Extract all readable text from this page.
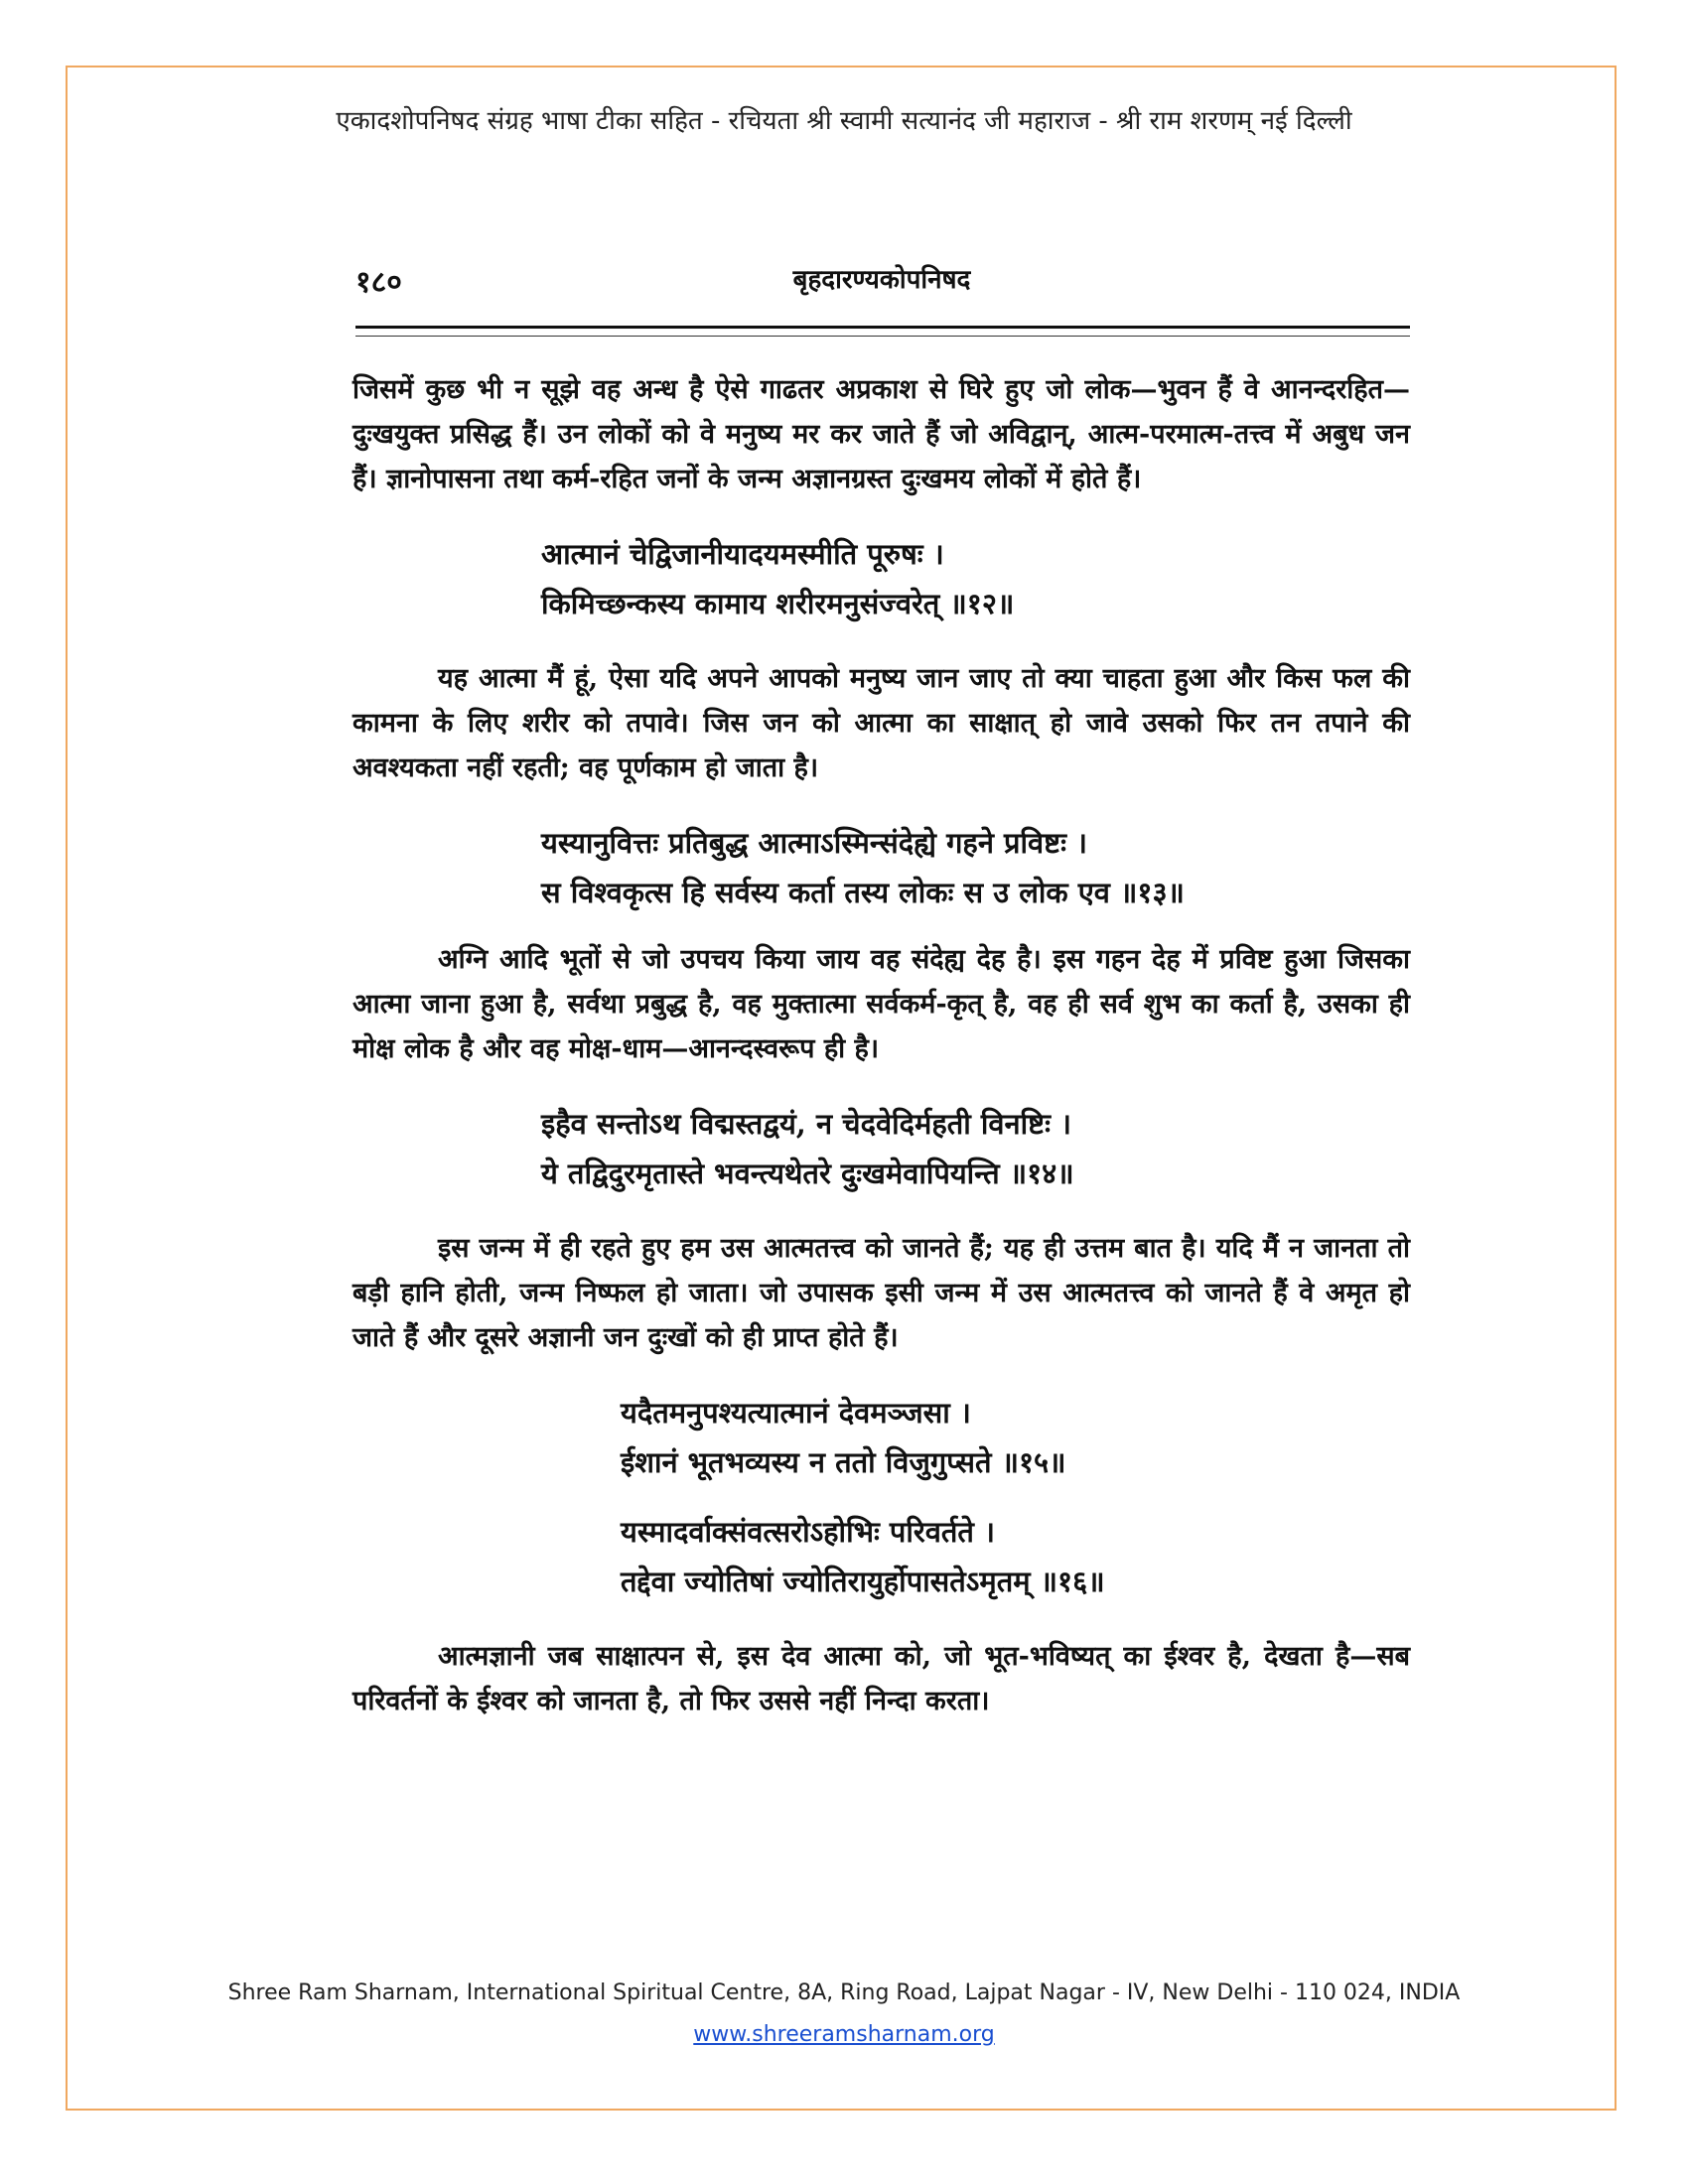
एकादशोपनिषद संग्रह भाषा टीका सहित - रचियता श्री स्वामी सत्यानंद जी महाराज - श्री राम शरणम् नई दिल्ली
१८०	बृहदारण्यकोपनिषद

जिसमें कुछ भी न सूझे वह अन्ध है ऐसे गाढतर अप्रकाश से घिरे हुए जो लोक—भुवन हैं वे आनन्दरहित—दुःखयुक्त प्रसिद्ध हैं। उन लोकों को वे मनुष्य मर कर जाते हैं जो अविद्वान्, आत्म-परमात्म-तत्त्व में अबुध जन हैं। ज्ञानोपासना तथा कर्म-रहित जनों के जन्म अज्ञानग्रस्त दुःखमय लोकों में होते हैं।

आत्मानं चेद्विजानीयादयमस्मीति पूरुषः ।

किमिच्छन्कस्य कामाय शरीरमनुसंज्वरेत् ॥१२॥

यह आत्मा मैं हूं, ऐसा यदि अपने आपको मनुष्य जान जाए तो क्या चाहता हुआ और किस फल की कामना के लिए शरीर को तपावे। जिस जन को आत्मा का साक्षात् हो जावे उसको फिर तन तपाने की अवश्यकता नहीं रहती; वह पूर्णकाम हो जाता है।

यस्यानुवित्तः प्रतिबुद्ध आत्माऽस्मिन्संदेह्ये गहने प्रविष्टः ।

स विश्वकृत्स हि सर्वस्य कर्ता तस्य लोकः स उ लोक एव ॥१३॥

अग्नि आदि भूतों से जो उपचय किया जाय वह संदेह्य देह है। इस गहन देह में प्रविष्ट हुआ जिसका आत्मा जाना हुआ है, सर्वथा प्रबुद्ध है, वह मुक्तात्मा सर्वकर्म-कृत् है, वह ही सर्व शुभ का कर्ता है, उसका ही मोक्ष लोक है और वह मोक्ष-धाम—आनन्दस्वरूप ही है।

इहैव सन्तोऽथ विद्मस्तद्वयं, न चेदवेदिर्महती विनष्टिः ।

ये तद्विदुरमृतास्ते भवन्त्यथेतरे दुःखमेवापियन्ति ॥१४॥

इस जन्म में ही रहते हुए हम उस आत्मतत्त्व को जानते हैं; यह ही उत्तम बात है। यदि मैं न जानता तो बड़ी हानि होती, जन्म निष्फल हो जाता। जो उपासक इसी जन्म में उस आत्मतत्त्व को जानते हैं वे अमृत हो जाते हैं और दूसरे अज्ञानी जन दुःखों को ही प्राप्त होते हैं।

यदैतमनुपश्यत्यात्मानं देवमञ्जसा ।

ईशानं भूतभव्यस्य न ततो विजुगुप्सते ॥१५॥

यस्मादर्वाक्संवत्सरोऽहोभिः परिवर्तते ।

तद्देवा ज्योतिषां ज्योतिरायुर्होपासतेऽमृतम् ॥१६॥

आत्मज्ञानी जब साक्षात्पन से, इस देव आत्मा को, जो भूत-भविष्यत् का ईश्वर है, देखता है—सब परिवर्तनों के ईश्वर को जानता है, तो फिर उससे नहीं निन्दा करता।

Shree Ram Sharnam, International Spiritual Centre, 8A, Ring Road, Lajpat Nagar - IV, New Delhi - 110 024, INDIA
www.shreeramsharnam.org
